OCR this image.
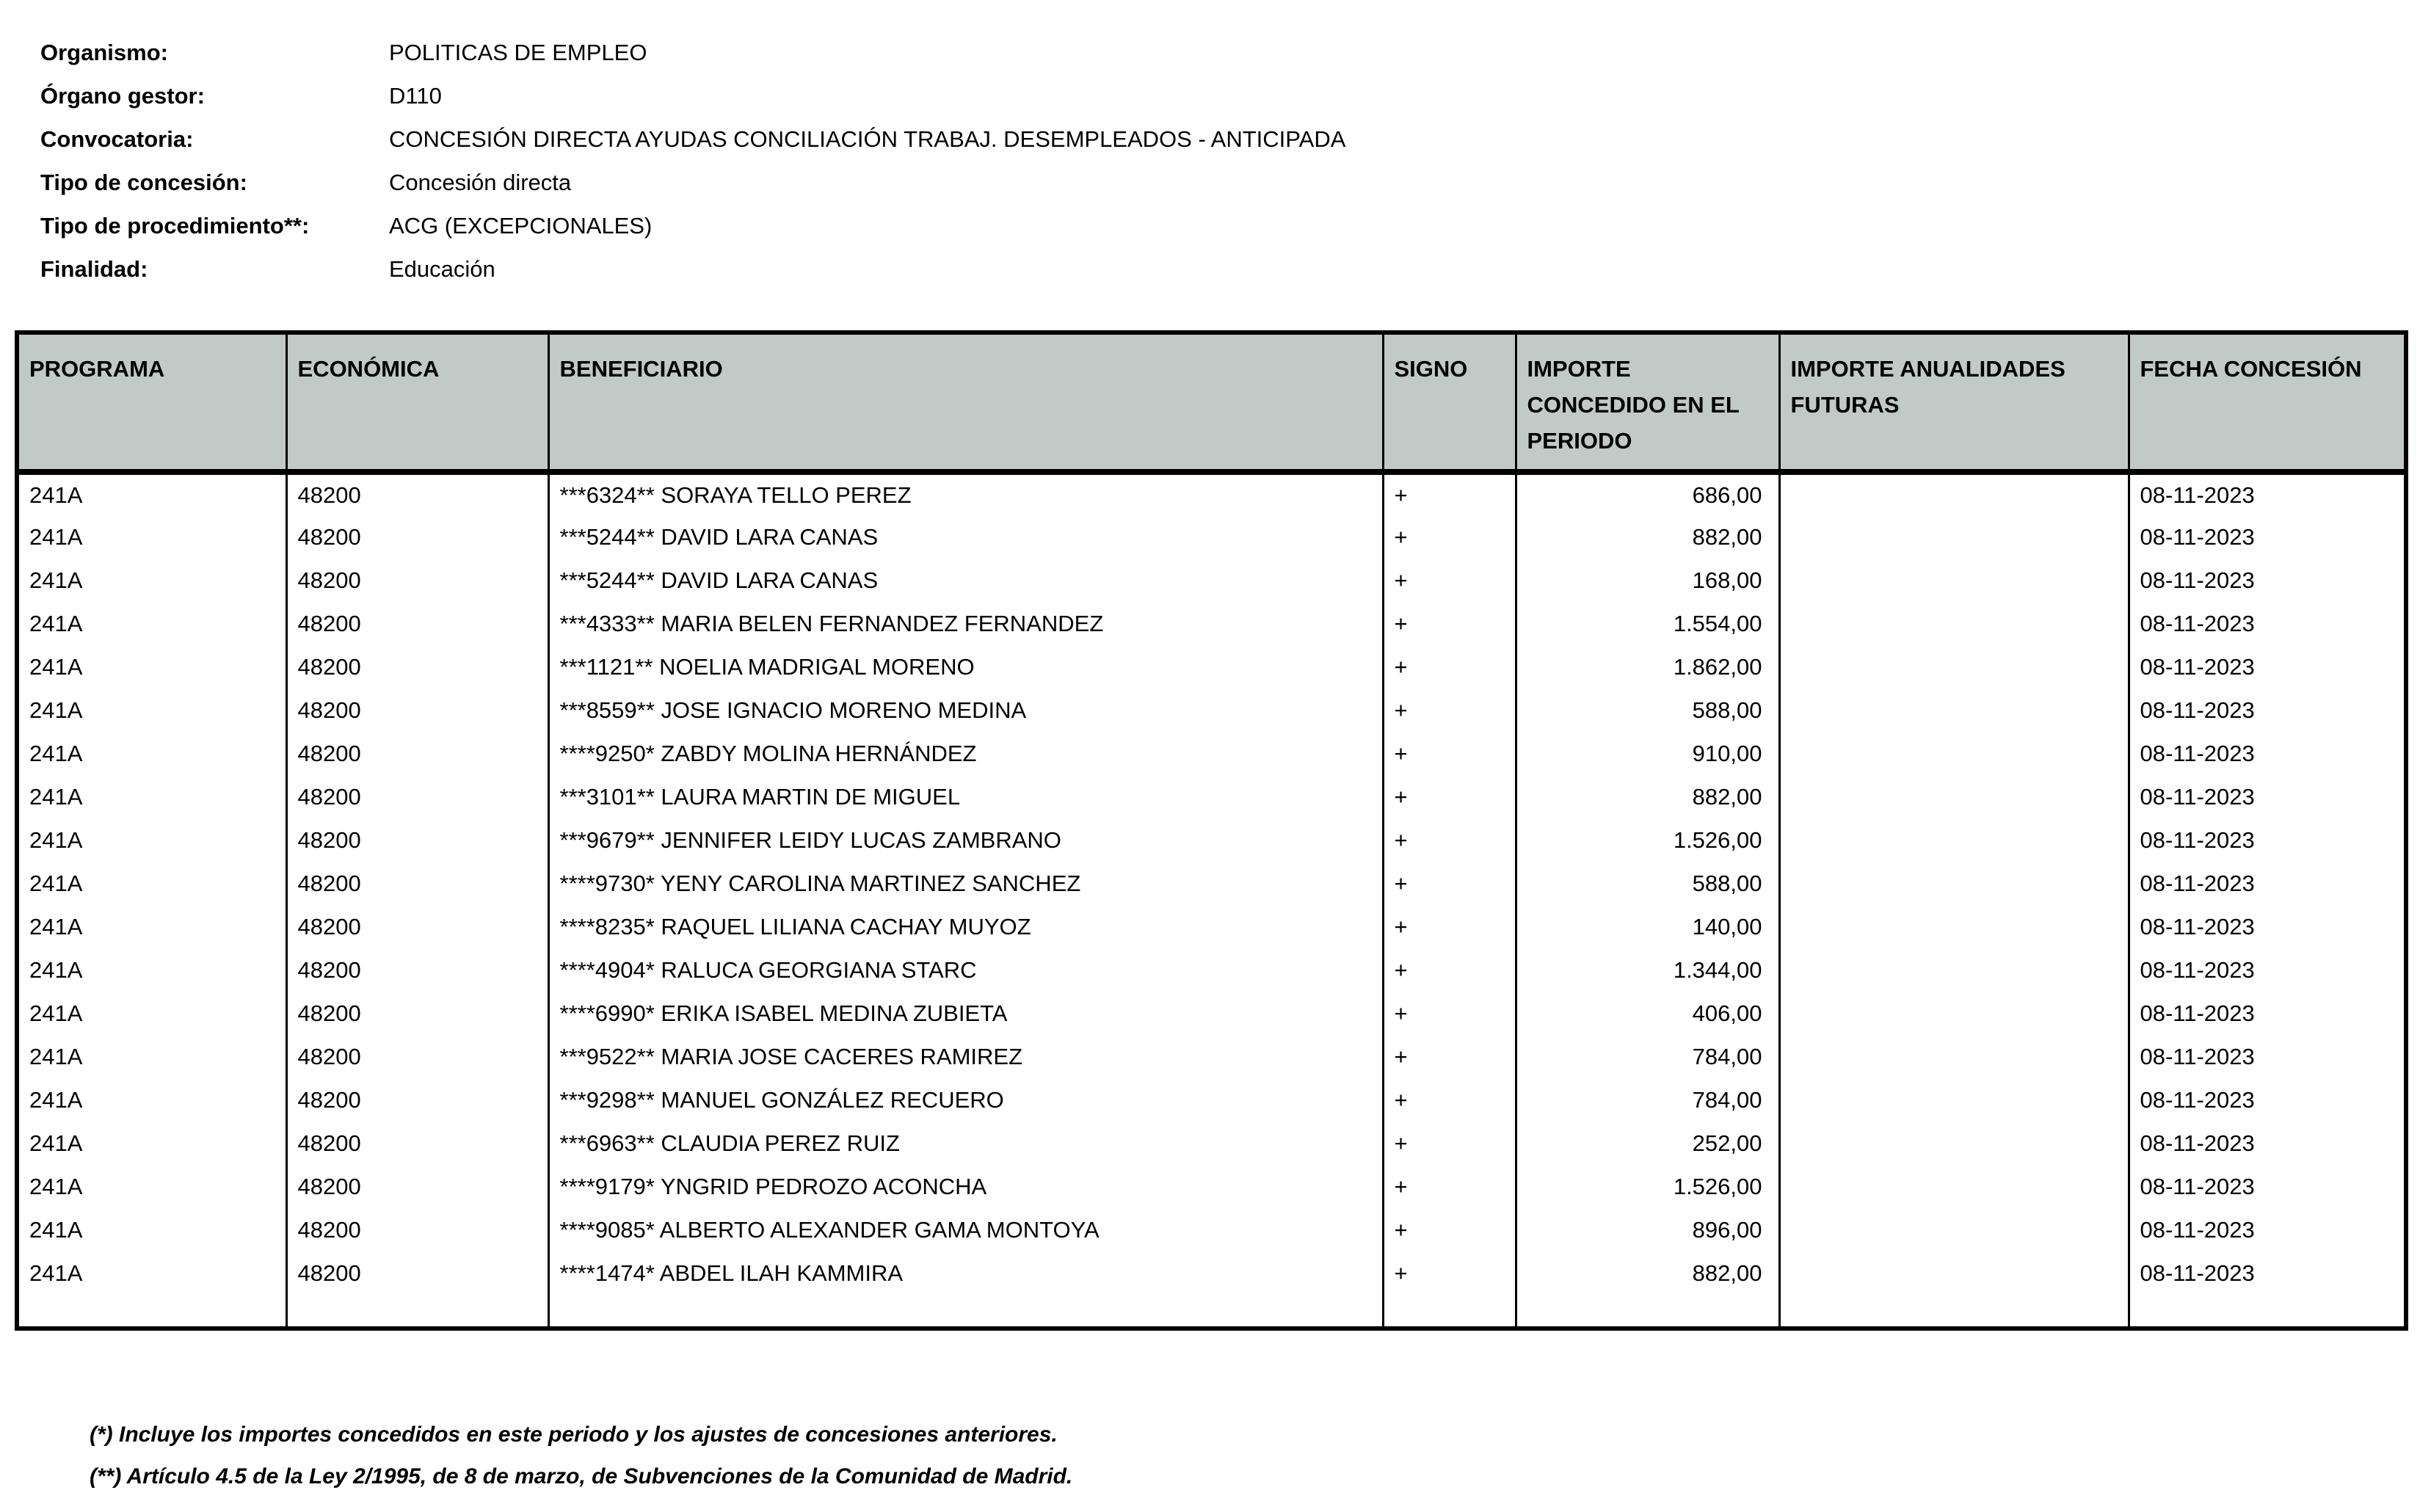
Organismo:	POLITICAS DE EMPLEO
Órgano gestor:	D110
Convocatoria:	CONCESIÓN DIRECTA AYUDAS CONCILIACIÓN TRABAJ. DESEMPLEADOS - ANTICIPADA
Tipo de concesión:	Concesión directa
Tipo de procedimiento**:	ACG (EXCEPCIONALES)
Finalidad:	Educación
PROGRAMA	ECONÓMICA	BENEFICIARIO	SIGNO	IMPORTE CONCEDIDO EN EL PERIODO	IMPORTE ANUALIDADES FUTURAS	FECHA CONCESIÓN
241A	48200	***6324** SORAYA TELLO PEREZ	+	686,00		08-11-2023
241A	48200	***5244** DAVID LARA CANAS	+	882,00		08-11-2023
241A	48200	***5244** DAVID LARA CANAS	+	168,00		08-11-2023
241A	48200	***4333** MARIA BELEN FERNANDEZ FERNANDEZ	+	1.554,00		08-11-2023
241A	48200	***1121** NOELIA MADRIGAL MORENO	+	1.862,00		08-11-2023
241A	48200	***8559** JOSE IGNACIO MORENO MEDINA	+	588,00		08-11-2023
241A	48200	****9250* ZABDY MOLINA HERNÁNDEZ	+	910,00		08-11-2023
241A	48200	***3101** LAURA MARTIN DE MIGUEL	+	882,00		08-11-2023
241A	48200	***9679** JENNIFER LEIDY LUCAS ZAMBRANO	+	1.526,00		08-11-2023
241A	48200	****9730* YENY CAROLINA MARTINEZ SANCHEZ	+	588,00		08-11-2023
241A	48200	****8235* RAQUEL LILIANA CACHAY MUYOZ	+	140,00		08-11-2023
241A	48200	****4904* RALUCA GEORGIANA STARC	+	1.344,00		08-11-2023
241A	48200	****6990* ERIKA ISABEL MEDINA ZUBIETA	+	406,00		08-11-2023
241A	48200	***9522** MARIA JOSE CACERES RAMIREZ	+	784,00		08-11-2023
241A	48200	***9298** MANUEL GONZÁLEZ RECUERO	+	784,00		08-11-2023
241A	48200	***6963** CLAUDIA PEREZ RUIZ	+	252,00		08-11-2023
241A	48200	****9179* YNGRID PEDROZO ACONCHA	+	1.526,00		08-11-2023
241A	48200	****9085* ALBERTO ALEXANDER GAMA MONTOYA	+	896,00		08-11-2023
241A	48200	****1474* ABDEL ILAH KAMMIRA	+	882,00		08-11-2023

(*) Incluye los importes concedidos en este periodo y los ajustes de concesiones anteriores.
(**) Artículo 4.5 de la Ley 2/1995, de 8 de marzo, de Subvenciones de la Comunidad de Madrid.
